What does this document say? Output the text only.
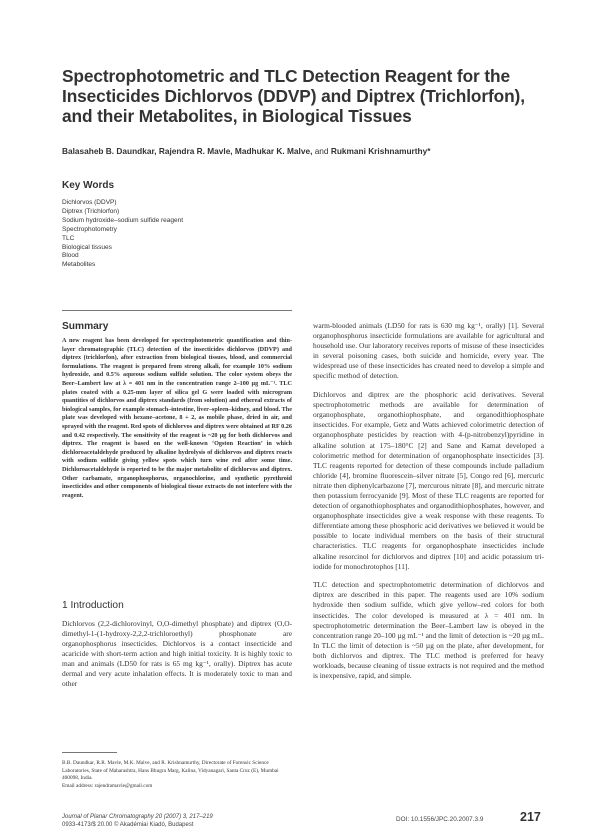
Spectrophotometric and TLC Detection Reagent for the Insecticides Dichlorvos (DDVP) and Diptrex (Trichlorfon), and their Metabolites, in Biological Tissues
Balasaheb B. Daundkar, Rajendra R. Mavle, Madhukar K. Malve, and Rukmani Krishnamurthy*
Key Words
Dichlorvos (DDVP)
Diptrex (Trichlorfon)
Sodium hydroxide–sodium sulfide reagent
Spectrophotometry
TLC
Biological tissues
Blood
Metabolites
Summary

A new reagent has been developed for spectrophotometric quantification and thin-layer chromatographic (TLC) detection of the insecticides dichlorvos (DDVP) and diptrex (trichlorfon), after extraction from biological tissues, blood, and commercial formulations. The reagent is prepared from strong alkali, for example 10% sodium hydroxide, and 0.5% aqueous sodium sulfide solution. The color system obeys the Beer–Lambert law at λ = 401 nm in the concentration range 2–100 µg mL⁻¹. TLC plates coated with a 0.25-mm layer of silica gel G were loaded with microgram quantities of dichlorvos and diptrex standards (from solution) and ethereal extracts of biological samples, for example stomach–intestine, liver–spleen–kidney, and blood. The plate was developed with hexane–acetone, 8 + 2, as mobile phase, dried in air, and sprayed with the reagent. Red spots of dichlorvos and diptrex were obtained at RF 0.26 and 0.42 respectively. The sensitivity of the reagent is ~20 µg for both dichlorvos and diptrex. The reagent is based on the well-known ‘Ogston Reaction’ in which dichloroacetaldehyde produced by alkaline hydrolysis of dichlorvos and diptrex reacts with sodium sulfide giving yellow spots which turn wine red after some time. Dichloroacetaldehyde is reported to be the major metabolite of dichlorvos and diptrex. Other carbamate, organophosphorus, organochlorine, and synthetic pyrethroid insecticides and other components of biological tissue extracts do not interfere with the reagent.

1 Introduction

Dichlorvos (2,2-dichlorovinyl, O,O-dimethyl phosphate) and diptrex (O,O-dimethyl-1-(1-hydroxy-2,2,2-trichloroethyl) phosphonate are organophosphorus insecticides. Dichlorvos is a contact insecticide and acaricide with short-term action and high initial toxicity. It is highly toxic to man and animals (LD50 for rats is 65 mg kg⁻¹, orally). Diptrex has acute dermal and very acute inhalation effects. It is moderately toxic to man and other

warm-blooded animals (LD50 for rats is 630 mg kg⁻¹, orally) [1]. Several organophosphorus insecticide formulations are available for agricultural and household use. Our laboratory receives reports of misuse of these insecticides in several poisoning cases, both suicide and homicide, every year. The widespread use of these insecticides has created need to develop a simple and specific method of detection.

Dichlorvos and diptrex are the phosphoric acid derivatives. Several spectrophotometric methods are available for determination of organophosphate, organothiophosphate, and organodithiophosphate insecticides. For example, Getz and Watts achieved colorimetric detection of organophosphate pesticides by reaction with 4-(p-nitrobenzyl)pyridine in alkaline solution at 175–180°C [2] and Sane and Kamat developed a colorimetric method for determination of organophosphate insecticides [3]. TLC reagents reported for detection of these compounds include palladium chloride [4], bromine fluorescein–silver nitrate [5], Congo red [6], mercuric nitrate then diphenylcarbazone [7], mercurous nitrate [8], and mercuric nitrate then potassium ferrocyanide [9]. Most of these TLC reagents are reported for detection of organothiophosphates and organodithiophosphates, however, and organophosphate insecticides give a weak response with these reagents. To differentiate among these phosphoric acid derivatives we believed it would be possible to locate individual members on the basis of their structural characteristics. TLC reagents for organophosphate insecticides include alkaline resorcinol for dichlorvos and diptrex [10] and acidic potassium tri-iodide for monochrotophos [11].

TLC detection and spectrophotometric determination of dichlorvos and diptrex are described in this paper. The reagents used are 10% sodium hydroxide then sodium sulfide, which give yellow–red colors for both insecticides. The color developed is measured at λ = 401 nm. In spectrophotometric determination the Beer–Lambert law is obeyed in the concentration range 20–100 µg mL⁻¹ and the limit of detection is ~20 µg mL. In TLC the limit of detection is ~50 µg on the plate, after development, for both dichlorvos and diptrex. The TLC method is preferred for heavy workloads, because cleaning of tissue extracts is not required and the method is inexpensive, rapid, and simple.

B.B. Daundkar, R.R. Mavle, M.K. Malve, and R. Krishnamurthy, Directorate of Forensic Science Laboratories, State of Maharashtra, Hans Bhugra Marg, Kalina, Vidyanagari, Santa Cruz (E), Mumbai 400098, India.
Email address: rajendramavle@gmail.com
Journal of Planar Chromatography 20 (2007) 3, 217–219
0933-4173/$ 20.00 © Akadémiai Kiadó, Budapest
DOI: 10.1556/JPC.20.2007.3.9	217
